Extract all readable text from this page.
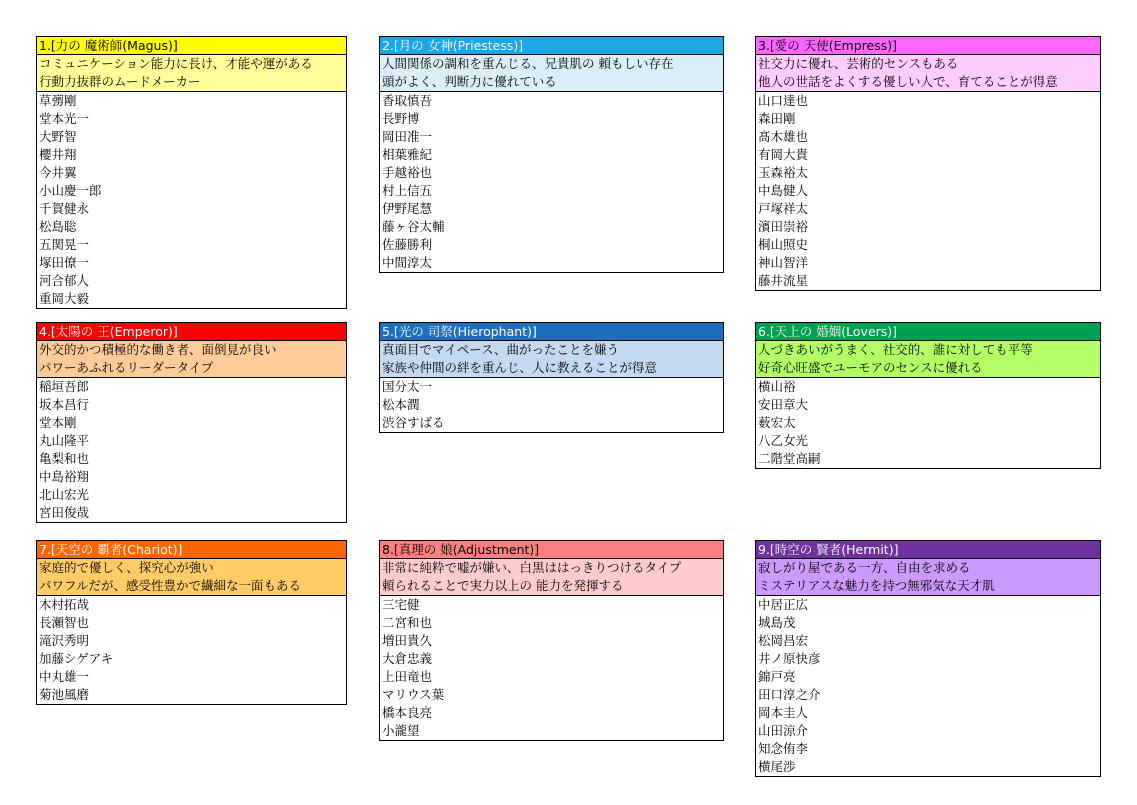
1.[力の 魔術師(Magus)]
コミュニケーション能力に長け、才能や運がある
行動力抜群のムードメーカー
草彅剛
堂本光一
大野智
櫻井翔
今井翼
小山慶一郎
千賀健永
松島聡
五関晃一
塚田僚一
河合郁人
重岡大毅
2.[月の 女神(Priestess)]
人間関係の調和を重んじる、兄貴肌の 頼もしい存在
頭がよく、判断力に優れている
香取慎吾
長野博
岡田准一
相葉雅紀
手越裕也
村上信五
伊野尾慧
藤ヶ谷太輔
佐藤勝利
中間淳太
3.[愛の 天使(Empress)]
社交力に優れ、芸術的センスもある
他人の世話をよくする優しい人で、育てることが得意
山口達也
森田剛
髙木雄也
有岡大貴
玉森裕太
中島健人
戸塚祥太
濱田崇裕
桐山照史
神山智洋
藤井流星
4.[太陽の 王(Emperor)]
外交的かつ積極的な働き者、面倒見が良い
パワーあふれるリーダータイプ
稲垣吾郎
坂本昌行
堂本剛
丸山隆平
亀梨和也
中島裕翔
北山宏光
宮田俊哉
5.[光の 司祭(Hierophant)]
真面目でマイペース、曲がったことを嫌う
家族や仲間の絆を重んじ、人に教えることが得意
国分太一
松本潤
渋谷すばる
6.[天上の 婚姻(Lovers)]
人づきあいがうまく、社交的、誰に対しても平等
好奇心旺盛でユーモアのセンスに優れる
横山裕
安田章大
薮宏太
八乙女光
二階堂高嗣
7.[天空の 覇者(Chariot)]
家庭的で優しく、探究心が強い
パワフルだが、感受性豊かで繊細な一面もある
木村拓哉
長瀬智也
滝沢秀明
加藤シゲアキ
中丸雄一
菊池風磨
8.[真理の 娘(Adjustment)]
非常に純粋で嘘が嫌い、白黒ははっきりつけるタイプ
頼られることで実力以上の 能力を発揮する
三宅健
二宮和也
増田貴久
大倉忠義
上田竜也
マリウス葉
橋本良亮
小瀧望
9.[時空の 賢者(Hermit)]
寂しがり屋である一方、自由を求める
ミステリアスな魅力を持つ無邪気な天才肌
中居正広
城島茂
松岡昌宏
井ノ原快彦
錦戸亮
田口淳之介
岡本圭人
山田涼介
知念侑李
横尾渉
